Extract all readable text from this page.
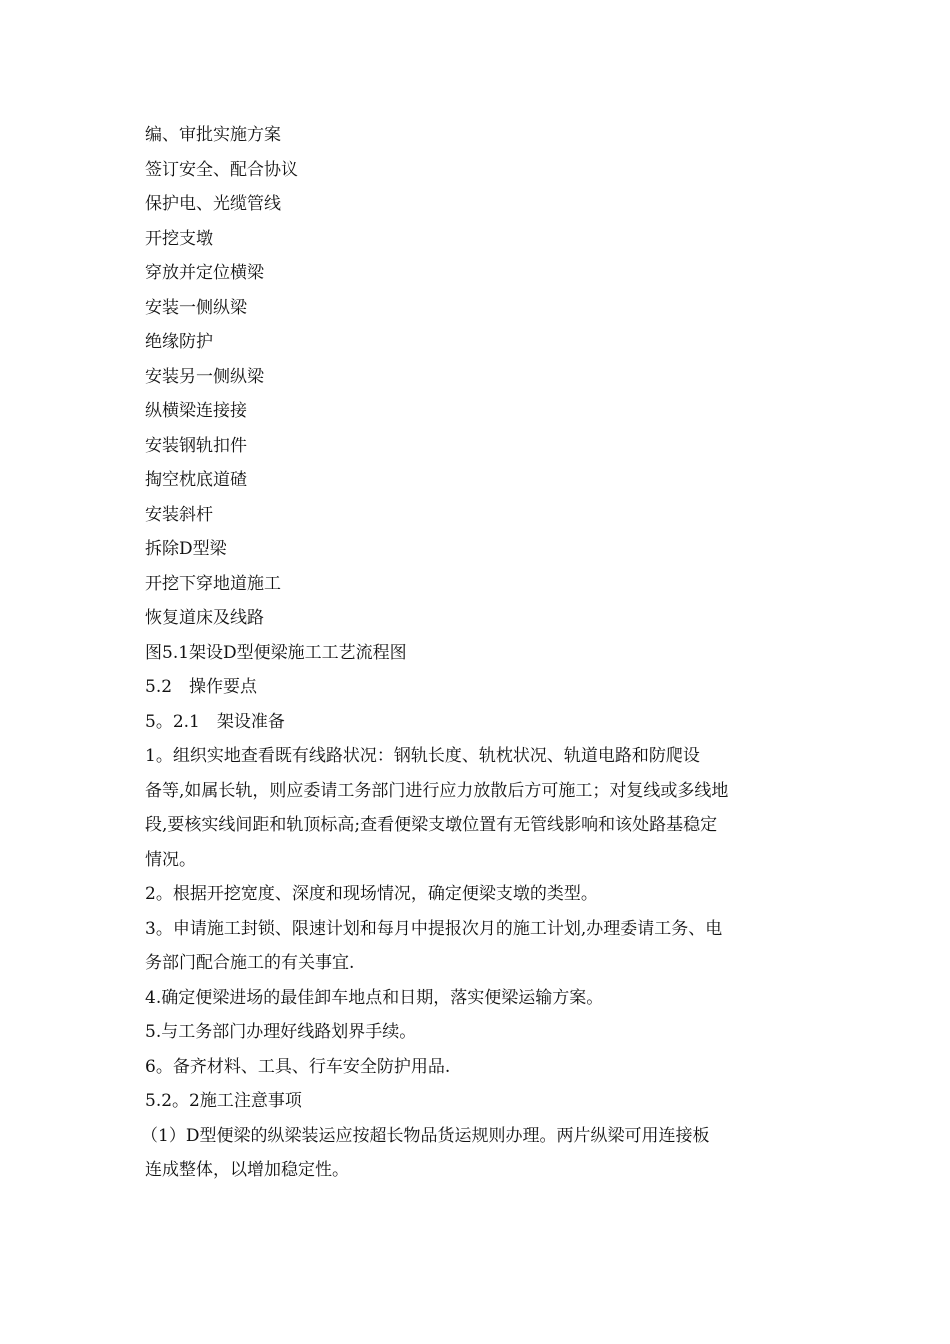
编、审批实施方案

签订安全、配合协议

保护电、光缆管线

开挖支墩

穿放并定位横梁

安装一侧纵梁

绝缘防护

安装另一侧纵梁

纵横梁连接接

安装钢轨扣件

掏空枕底道碴

安装斜杆

拆除D型梁

开挖下穿地道施工

恢复道床及线路

图5.1架设D型便梁施工工艺流程图

5.2　操作要点

5。2.1　架设准备

1。组织实地查看既有线路状况：钢轨长度、轨枕状况、轨道电路和防爬设

备等,如属长轨，则应委请工务部门进行应力放散后方可施工；对复线或多线地

段,要核实线间距和轨顶标高;查看便梁支墩位置有无管线影响和该处路基稳定

情况。

2。根据开挖宽度、深度和现场情况，确定便梁支墩的类型。

3。申请施工封锁、限速计划和每月中提报次月的施工计划,办理委请工务、电

务部门配合施工的有关事宜.

4.确定便梁进场的最佳卸车地点和日期，落实便梁运输方案。

5.与工务部门办理好线路划界手续。

6。备齐材料、工具、行车安全防护用品.

5.2。2施工注意事项

（1）D型便梁的纵梁装运应按超长物品货运规则办理。两片纵梁可用连接板

连成整体，以增加稳定性。
